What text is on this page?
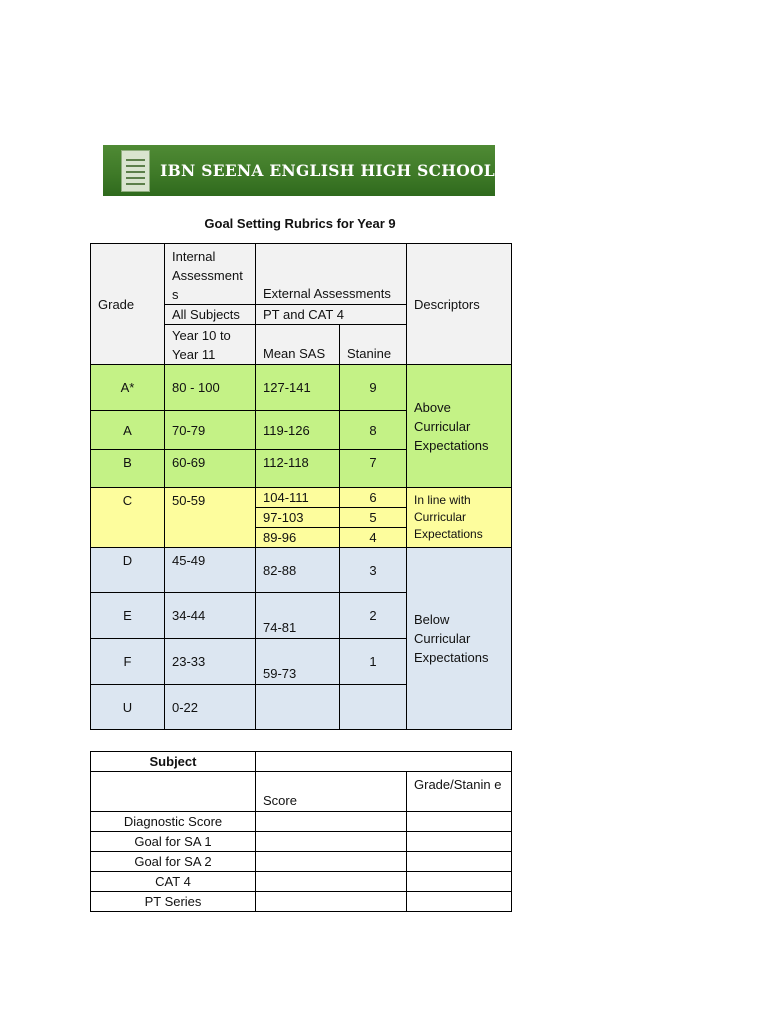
IBN SEENA ENGLISH HIGH SCHOOL
Goal Setting Rubrics for Year 9
Grade	Internal Assessment s	External Assessments		Descriptors
	All Subjects	PT and CAT 4		
	Year 10 to Year 11	Mean SAS	Stanine	
A*	80 - 100	127-141	9	Above Curricular Expectations
A	70-79	119-126	8	
B	60-69	112-118	7	
C	50-59	104-111	6	In line with Curricular Expectations
		97-103	5	
		89-96	4	
D	45-49	82-88	3	Below Curricular Expectations
E	34-44	74-81	2	
F	23-33	59-73	1	
U	0-22			
Subject		
	Score	Grade/Stanin e
Diagnostic Score		
Goal for SA 1		
Goal for SA 2		
CAT 4		
PT Series		
